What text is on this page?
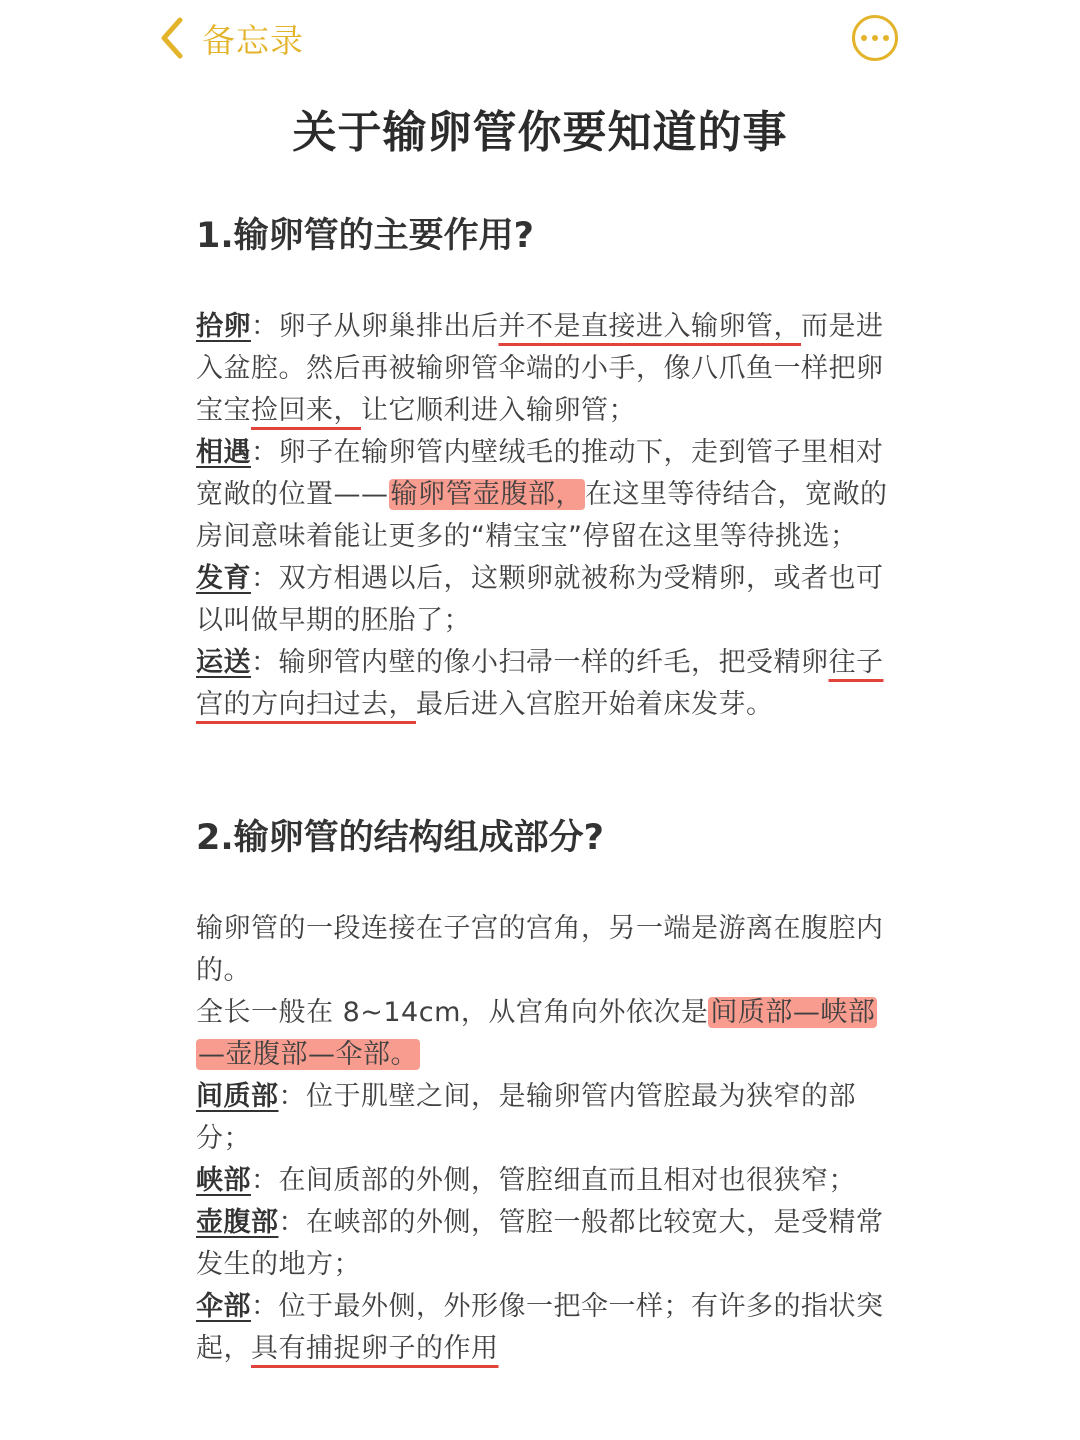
备忘录
关于输卵管你要知道的事
1.输卵管的主要作用?

拾卵：卵子从卵巢排出后并不是直接进入输卵管，而是进入盆腔。然后再被输卵管伞端的小手，像八爪鱼一样把卵宝宝捡回来，让它顺利进入输卵管；

相遇：卵子在输卵管内壁绒毛的推动下，走到管子里相对宽敞的位置——输卵管壶腹部，在这里等待结合，宽敞的房间意味着能让更多的“精宝宝”停留在这里等待挑选；

发育：双方相遇以后，这颗卵就被称为受精卵，或者也可以叫做早期的胚胎了；

运送：输卵管内壁的像小扫帚一样的纤毛，把受精卵往子宫的方向扫过去，最后进入宫腔开始着床发芽。

2.输卵管的结构组成部分?

输卵管的一段连接在子宫的宫角，另一端是游离在腹腔内的。

全长一般在 8~14cm，从宫角向外依次是间质部—峡部—壶腹部—伞部。

间质部：位于肌壁之间，是输卵管内管腔最为狭窄的部分；

峡部：在间质部的外侧，管腔细直而且相对也很狭窄；

壶腹部：在峡部的外侧，管腔一般都比较宽大，是受精常发生的地方；

伞部：位于最外侧，外形像一把伞一样；有许多的指状突起，具有捕捉卵子的作用
